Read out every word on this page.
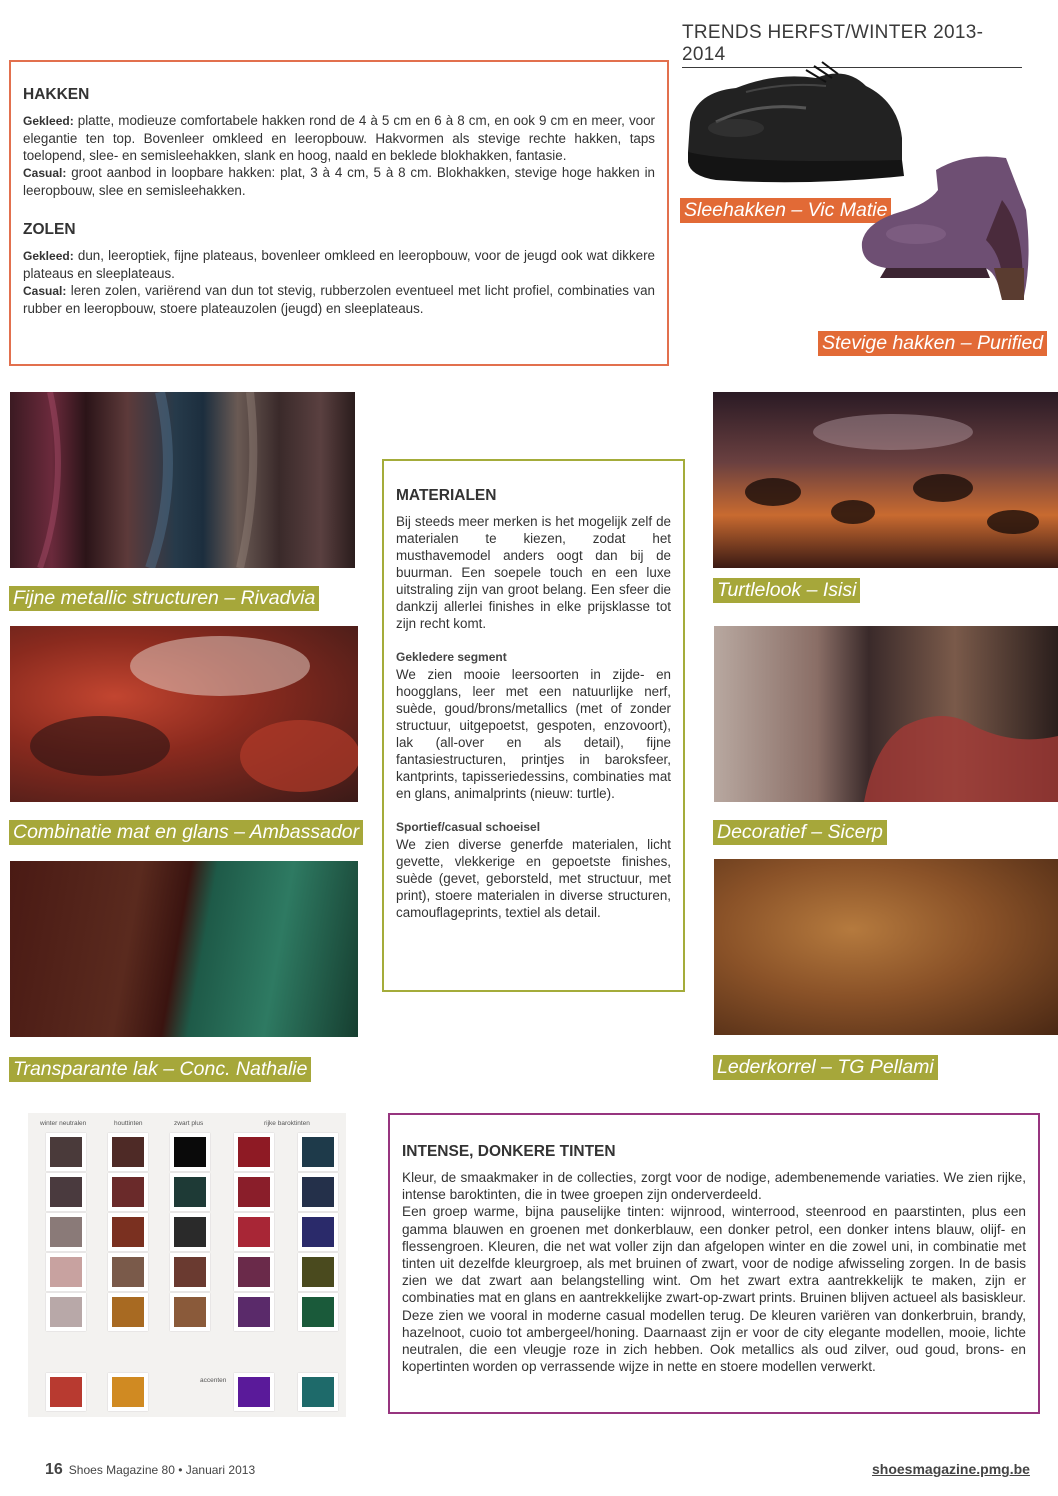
TRENDS HERFST/WINTER 2013-2014
HAKKEN

Gekleed: platte, modieuze comfortabele hakken rond de 4 à 5 cm en 6 à 8 cm, en ook 9 cm en meer, voor elegantie ten top. Bovenleer omkleed en leeropbouw. Hakvormen als stevige rechte hakken, taps toelopend, slee- en semisleehakken, slank en hoog, naald en beklede blokhakken, fantasie.
Casual: groot aanbod in loopbare hakken: plat, 3 à 4 cm, 5 à 8 cm. Blokhakken, stevige hoge hakken in leeropbouw, slee en semisleehakken.

ZOLEN

Gekleed: dun, leeroptiek, fijne plateaus, bovenleer omkleed en leeropbouw, voor de jeugd ook wat dikkere plateaus en sleeplateaus.
Casual: leren zolen, variërend van dun tot stevig, rubberzolen eventueel met licht profiel, combinaties van rubber en leeropbouw, stoere plateauzolen (jeugd) en sleeplateaus.

Sleehakken – Vic Matie
Stevige hakken – Purified
Fijne metallic structuren – Rivadvia
Combinatie mat en glans – Ambassador
Transparante lak – Conc. Nathalie
MATERIALEN

Bij steeds meer merken is het mogelijk zelf de materialen te kiezen, zodat het musthavemodel anders oogt dan bij de buurman. Een soepele touch en een luxe uitstraling zijn van groot belang. Een sfeer die dankzij allerlei finishes in elke prijsklasse tot zijn recht komt.

Gekledere segment

We zien mooie leersoorten in zijde- en hoogglans, leer met een natuurlijke nerf, suède, goud/brons/metallics (met of zonder structuur, uitgepoetst, gespoten, enzovoort), lak (all-over en als detail), fijne fantasiestructuren, printjes in baroksfeer, kantprints, tapisseriedessins, combinaties mat en glans, animalprints (nieuw: turtle).

Sportief/casual schoeisel

We zien diverse generfde materialen, licht gevette, vlekkerige en gepoetste finishes, suède (gevet, geborsteld, met structuur, met print), stoere materialen in diverse structuren, camouflageprints, textiel als detail.

Turtlelook – Isisi
Decoratief – Sicerp
Lederkorrel – TG Pellami
winter neutralen	houttinten	zwart plus	rijke baroktinten
accenten
INTENSE, DONKERE TINTEN

Kleur, de smaakmaker in de collecties, zorgt voor de nodige, adembenemende variaties. We zien rijke, intense baroktinten, die in twee groepen zijn onderverdeeld.

Een groep warme, bijna pauselijke tinten: wijnrood, winterrood, steenrood en paarstinten, plus een gamma blauwen en groenen met donkerblauw, een donker petrol, een donker intens blauw, olijf- en flessengroen. Kleuren, die net wat voller zijn dan afgelopen winter en die zowel uni, in combinatie met tinten uit dezelfde kleurgroep, als met bruinen of zwart, voor de nodige afwisseling zorgen. In de basis zien we dat zwart aan belangstelling wint. Om het zwart extra aantrekkelijk te maken, zijn er combinaties mat en glans en aantrekkelijke zwart-op-zwart prints. Bruinen blijven actueel als basiskleur. Deze zien we vooral in moderne casual modellen terug. De kleuren variëren van donkerbruin, brandy, hazelnoot, cuoio tot ambergeel/honing. Daarnaast zijn er voor de city elegante modellen, mooie, lichte neutralen, die een vleugje roze in zich hebben. Ook metallics als oud zilver, oud goud, brons- en kopertinten worden op verrassende wijze in nette en stoere modellen verwerkt.

16 Shoes Magazine 80 • Januari 2013	shoesmagazine.pmg.be
